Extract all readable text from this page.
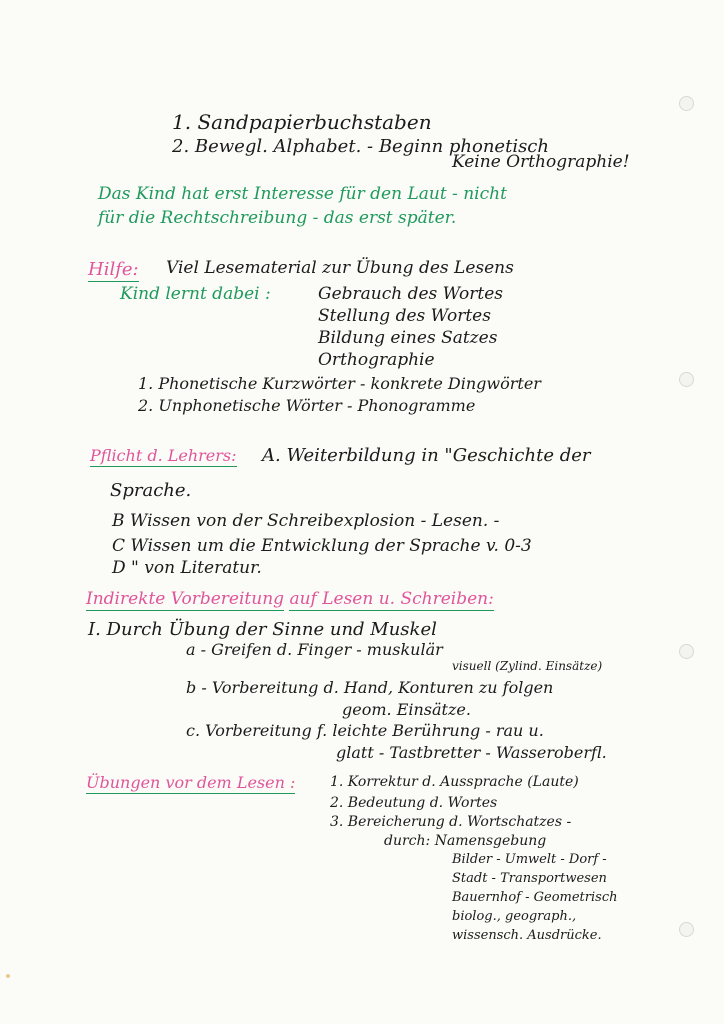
1. Sandpapierbuchstaben
2. Bewegl. Alphabet. - Beginn phonetisch
Keine Orthographie!
Das Kind hat erst Interesse für den Laut - nicht
für die Rechtschreibung - das erst später.
Hilfe: Viel Lesematerial zur Übung des Lesens
Kind lernt dabei :	Gebrauch des Wortes
Stellung des Wortes
Bildung eines Satzes
Orthographie
1. Phonetische Kurzwörter - konkrete Dingwörter
2. Unphonetische Wörter - Phonogramme
Pflicht d. Lehrers: A. Weiterbildung in "Geschichte der
Sprache.
B Wissen von der Schreibexplosion - Lesen. -
C Wissen um die Entwicklung der Sprache v. 0-3
D " von Literatur.
Indirekte Vorbereitung auf Lesen u. Schreiben:
I. Durch Übung der Sinne und Muskel
a - Greifen d. Finger - muskulär
visuell (Zylind. Einsätze)
b - Vorbereitung d. Hand, Konturen zu folgen
geom. Einsätze.
c. Vorbereitung f. leichte Berührung - rau u.
glatt - Tastbretter - Wasseroberfl.
Übungen vor dem Lesen : 1. Korrektur d. Aussprache (Laute)
2. Bedeutung d. Wortes
3. Bereicherung d. Wortschatzes -
durch: Namensgebung
Bilder - Umwelt - Dorf -
Stadt - Transportwesen
Bauernhof - Geometrisch
biolog., geograph.,
wissensch. Ausdrücke.
